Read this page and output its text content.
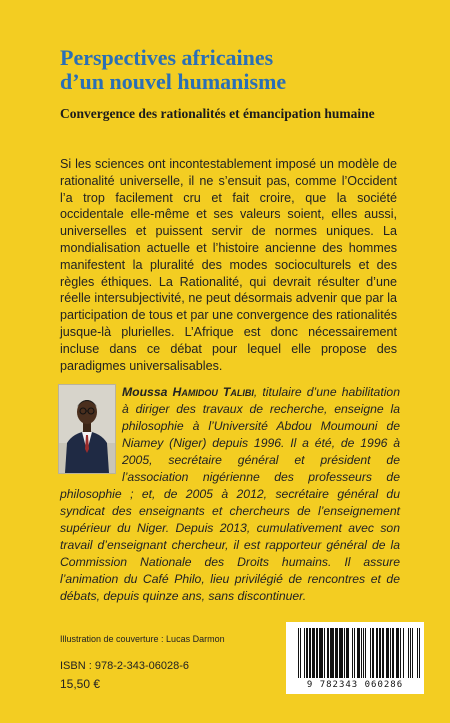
Perspectives africaines
d’un nouvel humanisme
Convergence des rationalités et émancipation humaine

Si les sciences ont incontestablement imposé un modèle de rationalité universelle, il ne s’ensuit pas, comme l’Occident l’a trop facilement cru et fait croire, que la société occidentale elle-même et ses valeurs soient, elles aussi, universelles et puissent servir de normes uniques. La mondialisation actuelle et l’histoire ancienne des hommes manifestent la pluralité des modes socioculturels et des règles éthiques. La Rationalité, qui devrait résulter d’une réelle intersubjectivité, ne peut désormais advenir que par la participation de tous et par une convergence des rationalités jusque-là plurielles. L’Afrique est donc nécessairement incluse dans ce débat pour lequel elle propose des paradigmes universalisables.

Moussa Hamidou Talibi, titulaire d’une habilitation à diriger des travaux de recherche, enseigne la philosophie à l’Université Abdou Moumouni de Niamey (Niger) depuis 1996. Il a été, de 1996 à 2005, secrétaire général et président de l’association nigérienne des professeurs de philosophie ; et, de 2005 à 2012, secrétaire général du syndicat des enseignants et chercheurs de l’enseignement supérieur du Niger. Depuis 2013, cumulativement avec son travail d’enseignant chercheur, il est rapporteur général de la Commission Nationale des Droits humains. Il assure l’animation du Café Philo, lieu privilégié de rencontres et de débats, depuis quinze ans, sans discontinuer.
Illustration de couverture : Lucas Darmon
ISBN : 978-2-343-06028-6
15,50 €	9 782343 060286
